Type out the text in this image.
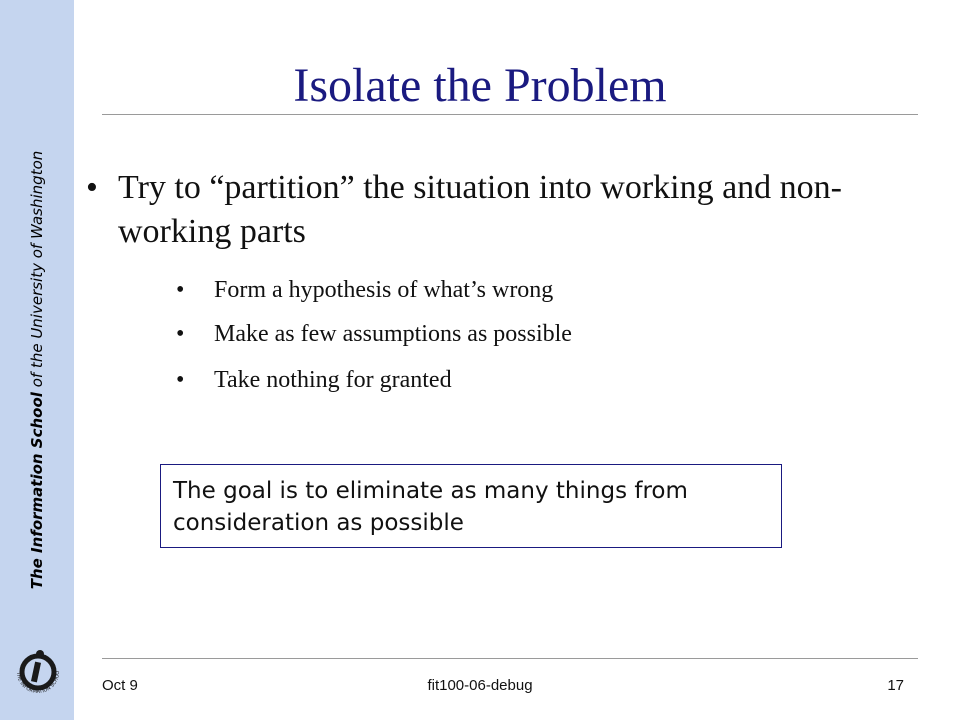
The Information School of the University of Washington
THE INFORMATION SCHOO
Isolate the Problem
• Try to “partition” the situation into working and non-working parts
• Form a hypothesis of what’s wrong
• Make as few assumptions as possible
• Take nothing for granted
The goal is to eliminate as many things from consideration as possible
Oct 9	fit100-06-debug	17
